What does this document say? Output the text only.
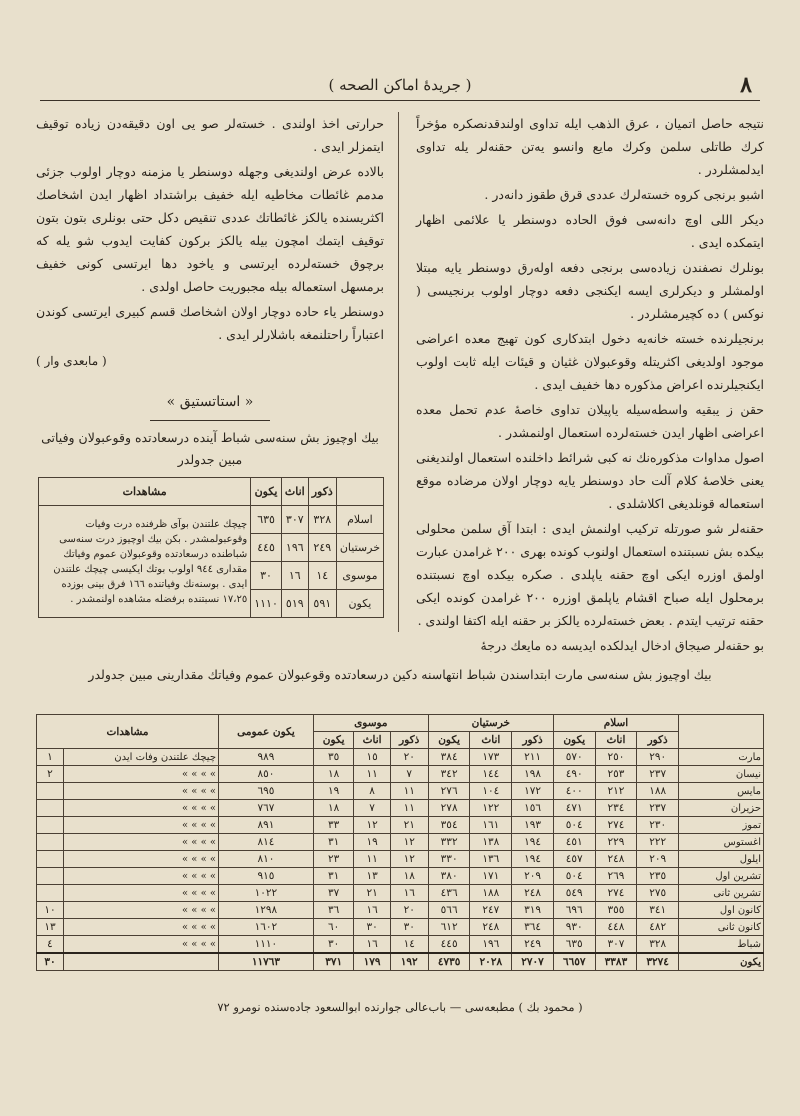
٨
( جریدهٔ اماکن الصحه )

نتیجه حاصل اتمیان ، عرق الذهب ایله تداوی اولندقدنصکره مؤخراً کرك طاتلی سلمن وکرك مایع وانسو یه‌تن حقنه‌لر یله تداوی ایدلمشلردر .

اشبو برنجی کروه خسته‌لرك عددی قرق طقوز دانه‌در .

دیکر اللی اوچ دانه‌سی فوق الحاده دوسنطر یا علائمی اظهار ایتمکده ایدی .

بونلرك نصفندن زیاده‌سی برنجی دفعه اوله‌رق دوسنطر یایه مبتلا اولمشلر و دیکرلری ایسه ایکنجی دفعه دوچار اولوب برنجیسی ( نوکس ) ده کچیرمشلردر .

برنجیلرنده خسته خانه‌یه دخول ابتدکاری کون تهیج معده اعراضی موجود اولدیغی اکثریتله وقوعبولان غثیان و قیئات ایله ثابت اولوب ایکنجیلرنده اعراض مذکوره دها خفیف ایدی .

حقن ز یبقیه واسطه‌سیله یاپیلان تداوی خاصهٔ عدم تحمل معده اعراضی اظهار ایدن خسته‌لرده استعمال اولنمشدر .

اصول مداوات مذکوره‌نك نه کبی شرائط داخلنده استعمال اولندیغنی یعنی خلاصهٔ کلام آلت حاد دوسنطر یایه دوچار اولان مرضاده موقع استعماله قونلدیغی اکلاشلدی .

حقنه‌لر شو صورتله ترکیب اولنمش ایدی : ابتدا آق سلمن محلولی بیکده بش نسبتنده استعمال اولنوب کونده بهری ٢٠٠ غرامدن عبارت اولمق اوزره ایکی اوچ حقنه یاپلدی . صکره بیکده اوچ نسبتنده برمحلول ایله صباح اقشام یاپلمق اوزره ٢٠٠ غرامدن کونده ایکی حقنه ترتیب ایتدم . بعض خسته‌لرده یالکز بر حقنه ایله اکتفا اولندی .

بو حقنه‌لر صیجاق ادخال ایدلکده ایدیسه ده مایعك درجهٔ

حرارتی اخذ اولندی . خسته‌لر صو یی اون دقیقه‌دن زیاده توقیف ایتمزلر ایدی .

بالاده عرض اولندیغی وجهله دوسنطر یا مزمنه دوچار اولوب جزئی مدمم غائطات مخاطیه ایله خفیف براشتداد اظهار ایدن اشخاصك اکثریسنده یالکز غائطاتك عددی تنقیص دکل حتی بونلری بتون بتون توقیف ایتمك امچون بیله یالکز برکون کفایت ایدوب شو یله که برچوق خسته‌لرده ایرتسی و یاخود دها ایرتسی کونی خفیف برمسهل استعماله بیله مجبوریت حاصل اولدی .

دوسنطر یاء حاده دوچار اولان اشخاصك قسم کبیری ایرتسی کوندن اعتباراً راحتلنمغه باشلارلر ایدی .

( مابعدی وار )
« استاتستیق »
بیك اوچیوز بش سنه‌سی شباط آینده درسعادتده وقوعبولان وفیاتی مبین جدولدر
	ذکور	اناث	یکون	مشاهدات
اسلام	٣٢٨	٣٠٧	٦٣٥	چیچك علتندن بوآی ظرفنده درت وفیات وقوعبولمشدر . بکن بیك اوچیوز درت سنه‌سی شباطنده درسعادتده وقوعبولان عموم وفیاتك مقداری ٩٤٤ اولوب بوتك ایکیسی چیچك علتندن ایدی . بوسنه‌نك وفیاتنده ١٦٦ فرق بینی بوزده ١٧،٢٥ نسبتنده برفضله مشاهده اولنمشدر .
خرستیان	٢٤٩	١٩٦	٤٤٥	
موسوی	١٤	١٦	٣٠	
یکون	٥٩١	٥١٩	١١١٠	
بیك اوچیوز بش سنه‌سی مارت ابتداسندن شباط انتهاسنه دکین درسعادتده وقوعبولان عموم وفیاتك مقدارینی مبین جدولدر
	اسلام			خرستیان			موسوی			یکون عمومی	مشاهدات	
	ذکور	اناث	یکون	ذکور	اناث	یکون	ذکور	اناث	یکون			
مارت	٢٩٠	٢٥٠	٥٧٠	٢١١	١٧٣	٣٨٤	٢٠	١٥	٣٥	٩٨٩	چیچك علتندن وفات ایدن	١
نیسان	٢٣٧	٢٥٣	٤٩٠	١٩٨	١٤٤	٣٤٢	٧	١١	١٨	٨٥٠	» » » »	٢
مایس	١٨٨	٢١٢	٤٠٠	١٧٢	١٠٤	٢٧٦	١١	٨	١٩	٦٩٥	» » » »	
حزیران	٢٣٧	٢٣٤	٤٧١	١٥٦	١٢٢	٢٧٨	١١	٧	١٨	٧٦٧	» » » »	
تموز	٢٣٠	٢٧٤	٥٠٤	١٩٣	١٦١	٣٥٤	٢١	١٢	٣٣	٨٩١	» » » »	
اغستوس	٢٢٢	٢٢٩	٤٥١	١٩٤	١٣٨	٣٣٢	١٢	١٩	٣١	٨١٤	» » » »	
ایلول	٢٠٩	٢٤٨	٤٥٧	١٩٤	١٣٦	٣٣٠	١٢	١١	٢٣	٨١٠	» » » »	
تشرین اول	٢٣٥	٢٦٩	٥٠٤	٢٠٩	١٧١	٣٨٠	١٨	١٣	٣١	٩١٥	» » » »	
تشرین ثانی	٢٧٥	٢٧٤	٥٤٩	٢٤٨	١٨٨	٤٣٦	١٦	٢١	٣٧	١٠٢٢	» » » »	
کانون اول	٣٤١	٣٥٥	٦٩٦	٣١٩	٢٤٧	٥٦٦	٢٠	١٦	٣٦	١٢٩٨	» » » »	١٠
کانون ثانی	٤٨٢	٤٤٨	٩٣٠	٣٦٤	٢٤٨	٦١٢	٣٠	٣٠	٦٠	١٦٠٢	» » » »	١٣
شباط	٣٢٨	٣٠٧	٦٣٥	٢٤٩	١٩٦	٤٤٥	١٤	١٦	٣٠	١١١٠	» » » »	٤
یکون	٣٢٧٤	٣٣٨٣	٦٦٥٧	٢٧٠٧	٢٠٢٨	٤٧٣٥	١٩٢	١٧٩	٣٧١	١١٧٦٣		٣٠
( محمود بك ) مطبعه‌سی — باب‌عالی جوارنده ابوالسعود جاده‌سنده نومرو ٧٢
